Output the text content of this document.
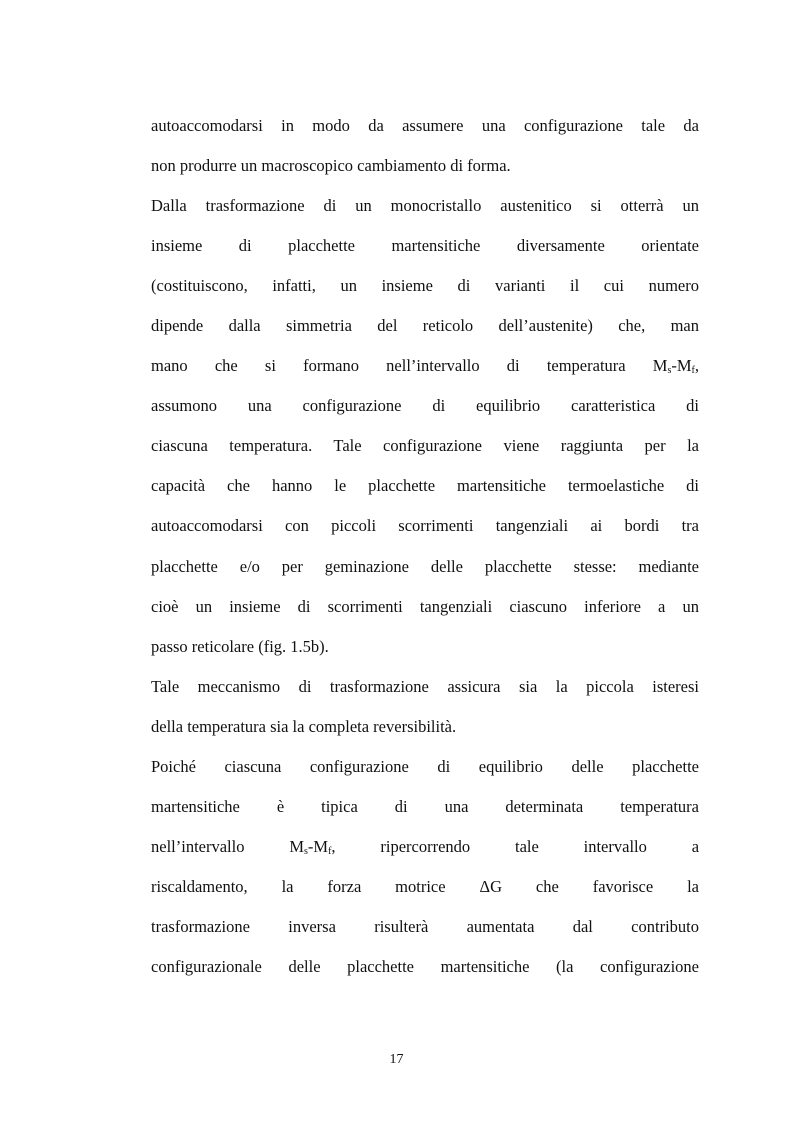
autoaccomodarsi in modo da assumere una configurazione tale da
non produrre un macroscopico cambiamento di forma.
Dalla trasformazione di un monocristallo austenitico si otterrà un
insieme di placchette martensitiche diversamente orientate
(costituiscono, infatti, un insieme di varianti il cui numero
dipende dalla simmetria del reticolo dell’austenite) che, man
mano che si formano nell’intervallo di temperatura $M_s-M_f$,
assumono una configurazione di equilibrio caratteristica di
ciascuna temperatura. Tale configurazione viene raggiunta per la
capacità che hanno le placchette martensitiche termoelastiche di
autoaccomodarsi con piccoli scorrimenti tangenziali ai bordi tra
placchette e/o per geminazione delle placchette stesse: mediante
cioè un insieme di scorrimenti tangenziali ciascuno inferiore a un
passo reticolare (fig. 1.5b).
Tale meccanismo di trasformazione assicura sia la piccola isteresi
della temperatura sia la completa reversibilità.
Poiché ciascuna configurazione di equilibrio delle placchette
martensitiche è tipica di una determinata temperatura
nell’intervallo	$M_s-M_f$,	ripercorrendo tale intervallo a
riscaldamento, la forza motrice ΔG che favorisce la
trasformazione inversa risulterà aumentata dal contributo
configurazionale delle placchette martensitiche (la configurazione
17
